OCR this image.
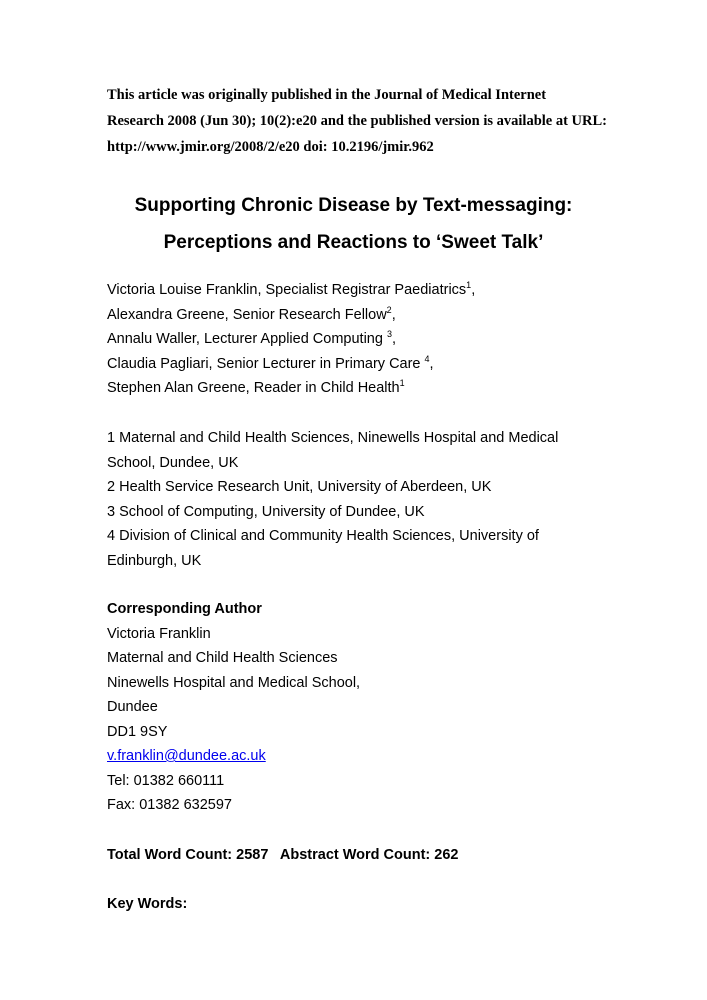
This article was originally published in the Journal of Medical Internet
Research 2008 (Jun 30); 10(2):e20 and the published version is available at URL:
http://www.jmir.org/2008/2/e20 doi: 10.2196/jmir.962
Supporting Chronic Disease by Text-messaging:
Perceptions and Reactions to ‘Sweet Talk’
Victoria Louise Franklin, Specialist Registrar Paediatrics$^1$,
Alexandra Greene, Senior Research Fellow$^2$,
Annalu Waller, Lecturer Applied Computing $^3$,
Claudia Pagliari, Senior Lecturer in Primary Care $^4$,
Stephen Alan Greene, Reader in Child Health$^1$
1 Maternal and Child Health Sciences, Ninewells Hospital and Medical
School, Dundee, UK
2 Health Service Research Unit, University of Aberdeen, UK
3 School of Computing, University of Dundee, UK
4 Division of Clinical and Community Health Sciences, University of
Edinburgh, UK
Corresponding Author
Victoria Franklin
Maternal and Child Health Sciences
Ninewells Hospital and Medical School,
Dundee
DD1 9SY
v.franklin@dundee.ac.uk
Tel: 01382 660111
Fax: 01382 632597
Total Word Count: 2587 Abstract Word Count: 262
Key Words:
